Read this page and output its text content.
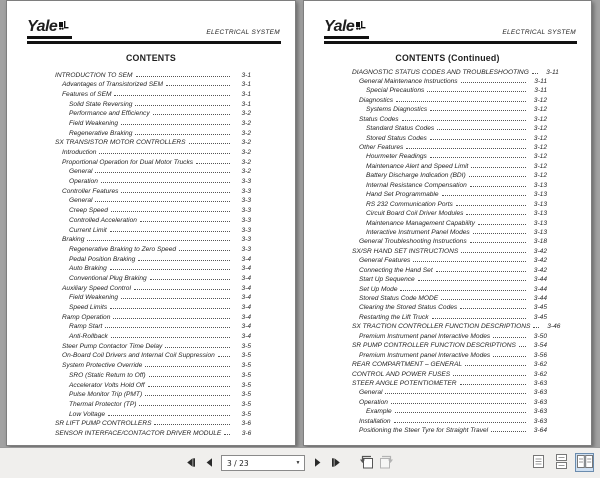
Yale	ELECTRICAL SYSTEM
CONTENTS
INTRODUCTION TO SEM	3-1
Advantages of Transistorized SEM	3-1
Features of SEM	3-1
Solid State Reversing	3-1
Performance and Efficiency	3-2
Field Weakening	3-2
Regenerative Braking	3-2
SX TRANSISTOR MOTOR CONTROLLERS	3-2
Introduction	3-2
Proportional Operation for Dual Motor Trucks	3-2
General	3-2
Operation	3-3
Controller Features	3-3
General	3-3
Creep Speed	3-3
Controlled Acceleration	3-3
Current Limit	3-3
Braking	3-3
Regenerative Braking to Zero Speed	3-3
Pedal Position Braking	3-4
Auto Braking	3-4
Conventional Plug Braking	3-4
Auxiliary Speed Control	3-4
Field Weakening	3-4
Speed Limits	3-4
Ramp Operation	3-4
Ramp Start	3-4
Anti-Rollback	3-4
Steer Pump Contactor Time Delay	3-5
On-Board Coil Drivers and Internal Coil Suppression	3-5
System Protective Override	3-5
SRO (Static Return to Off)	3-5
Accelerator Volts Hold Off	3-5
Pulse Monitor Trip (PMT)	3-5
Thermal Protector (TP)	3-5
Low Voltage	3-5
SR LIFT PUMP CONTROLLERS	3-6
SENSOR INTERFACE/CONTACTOR DRIVER MODULE	3-6
Yale	ELECTRICAL SYSTEM
CONTENTS (Continued)
DIAGNOSTIC STATUS CODES AND TROUBLESHOOTING	3-11
General Maintenance Instructions	3-11
Special Precautions	3-11
Diagnostics	3-12
Systems Diagnostics	3-12
Status Codes	3-12
Standard Status Codes	3-12
Stored Status Codes	3-12
Other Features	3-12
Hourmeter Readings	3-12
Maintenance Alert and Speed Limit	3-12
Battery Discharge Indication (BDI)	3-12
Internal Resistance Compensation	3-13
Hand Set Programmable	3-13
RS 232 Communication Ports	3-13
Circuit Board Coil Driver Modules	3-13
Maintenance Management Capability	3-13
Interactive Instrument Panel Modes	3-13
General Troubleshooting Instructions	3-18
SX/SR HAND SET INSTRUCTIONS	3-42
General Features	3-42
Connecting the Hand Set	3-42
Start Up Sequence	3-44
Set Up Mode	3-44
Stored Status Code MODE	3-44
Clearing the Stored Status Codes	3-45
Restarting the Lift Truck	3-45
SX TRACTION CONTROLLER FUNCTION DESCRIPTIONS	3-46
Premium Instrument panel Interactive Modes	3-50
SR PUMP CONTROLLER FUNCTION DESCRIPTIONS	3-54
Premium Instrument panel Interactive Modes	3-56
REAR COMPARTMENT – GENERAL	3-62
CONTROL AND POWER FUSES	3-62
STEER ANGLE POTENTIOMETER	3-63
General	3-63
Operation	3-63
Example	3-63
Installation	3-63
Positioning the Steer Tyre for Straight Travel	3-64
3 / 23	▼
